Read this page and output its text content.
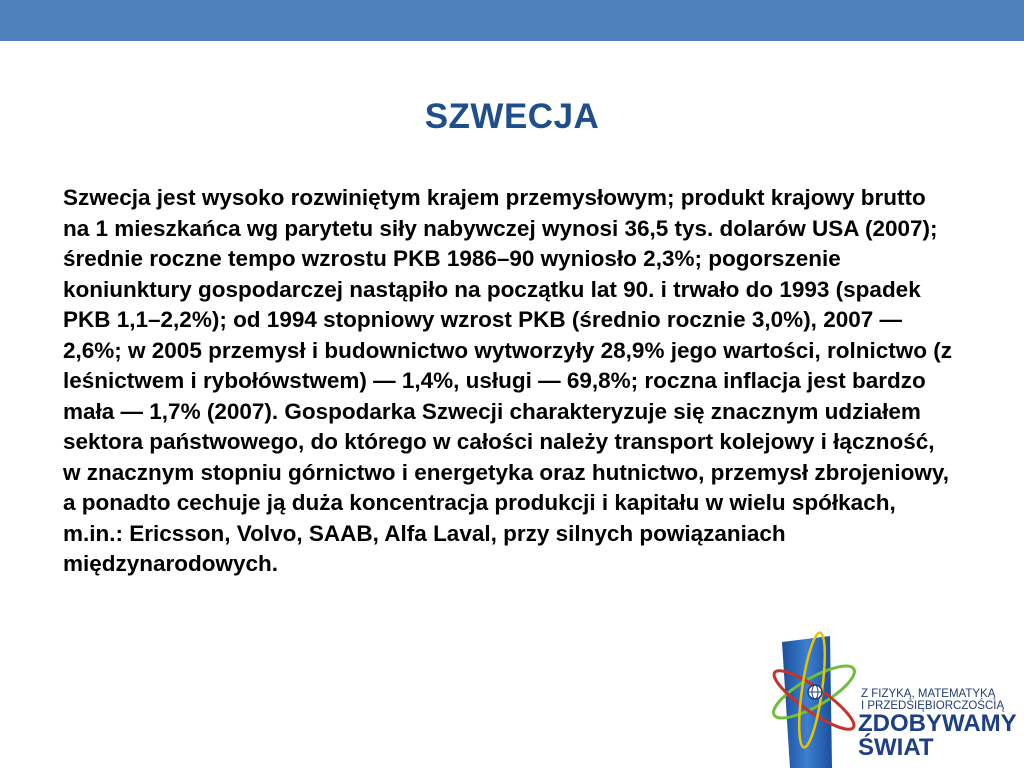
SZWECJA

Szwecja jest wysoko rozwiniętym krajem przemysłowym; produkt krajowy brutto na 1 mieszkańca wg parytetu siły nabywczej wynosi 36,5 tys. dolarów USA (2007); średnie roczne tempo wzrostu PKB 1986–90 wyniosło 2,3%; pogorszenie koniunktury gospodarczej nastąpiło na początku lat 90. i trwało do 1993 (spadek PKB 1,1–2,2%); od 1994 stopniowy wzrost PKB (średnio rocznie 3,0%), 2007 — 2,6%; w 2005 przemysł i budownictwo wytworzyły 28,9% jego wartości, rolnictwo (z leśnictwem i rybołówstwem) — 1,4%, usługi — 69,8%; roczna inflacja jest bardzo mała — 1,7% (2007). Gospodarka Szwecji charakteryzuje się znacznym udziałem sektora państwowego, do którego w całości należy transport kolejowy i łączność, w znacznym stopniu górnictwo i energetyka oraz hutnictwo, przemysł zbrojeniowy, a ponadto cechuje ją duża koncentracja produkcji i kapitału w wielu spółkach, m.in.: Ericsson, Volvo, SAAB, Alfa Laval, przy silnych powiązaniach międzynarodowych.

Z FIZYKĄ, MATEMATYKĄ
I PRZEDSIĘBIORCZOŚCIĄ
ZDOBYWAMY
ŚWIAT
